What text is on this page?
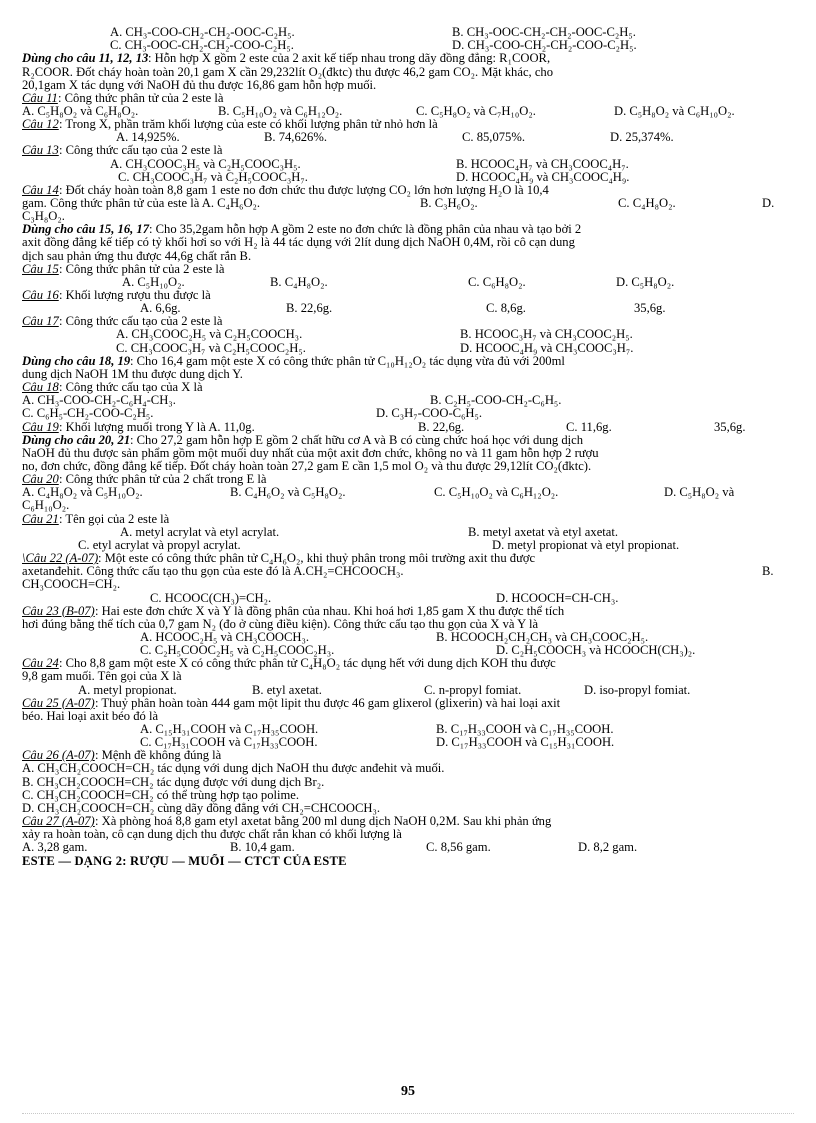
A. CH₃-COO-CH₂-CH₂-OOC-C₂H₅.	B. CH₃-OOC-CH₂-CH₂-OOC-C₂H₅.
C. CH₃-OOC-CH₂-CH₂-COO-C₂H₅.	D. CH₃-COO-CH₂-CH₂-COO-C₂H₅.
Dùng cho câu 11, 12, 13 : Hỗn hợp X gồm 2 este của 2 axit kế tiếp nhau trong dãy đồng đẳng: R₁COOR,
R₂COOR. Đốt cháy hoàn toàn 20,1 gam X cần 29,232lít O₂(đktc) thu được 46,2 gam CO₂. Mặt khác, cho
20,1gam X tác dụng với NaOH đủ thu được 16,86 gam hỗn hợp muối.
Câu 11 : Công thức phân tử của 2 este là
A. C₅H₈O₂ và C₆H₈O₂.	B. C₅H₁₀O₂ và C₆H₁₂O₂.	C. C₅H₈O₂ và C₇H₁₀O₂.	D. C₅H₈O₂ và C₆H₁₀O₂.
Câu 12 : Trong X, phần trăm khối lượng của este có khối lượng phân tử nhỏ hơn là
A. 14,925%.	B. 74,626%.	C. 85,075%.	D. 25,374%.
Câu 13 : Công thức cấu tạo của 2 este là
A. CH₃COOC₃H₅ và C₂H₅COOC₃H₅.	B. HCOOC₄H₇ và CH₃COOC₄H₇.
C. CH₃COOC₃H₇ và C₂H₅COOC₃H₇.	D. HCOOC₄H₉ và CH₃COOC₄H₉.
Câu 14 : Đốt cháy hoàn toàn 8,8 gam 1 este no đơn chức thu được lượng CO₂ lớn hơn lượng H₂O là 10,4
gam. Công thức phân tử của este là A. C₄H₆O₂.	B. C₃H₆O₂.	C. C₄H₈O₂.	D.
C₃H₈O₂.
Dùng cho câu 15, 16, 17 : Cho 35,2gam hỗn hợp A gồm 2 este no đơn chức là đồng phân của nhau và tạo bởi 2
axit đồng đẳng kế tiếp có tỷ khối hơi so với H₂ là 44 tác dụng với 2lít dung dịch NaOH 0,4M, rồi cô cạn dung
dịch sau phản ứng thu được 44,6g chất rắn B.
Câu 15 : Công thức phân tử của 2 este là
A. C₅H₁₀O₂.	B. C₄H₈O₂.	C. C₆H₈O₂.	D. C₅H₈O₂.
Câu 16 : Khối lượng rượu thu được là
A. 6,6g.	B. 22,6g.	C. 8,6g.	35,6g.
Câu 17 : Công thức cấu tạo của 2 este là
A. CH₃COOC₂H₅ và C₂H₅COOCH₃.	B. HCOOC₃H₇ và CH₃COOC₂H₅.
C. CH₃COOC₃H₇ và C₂H₅COOC₂H₅.	D. HCOOC₄H₉ và CH₃COOC₃H₇.
Dùng cho câu 18, 19 : Cho 16,4 gam một este X có công thức phân tử C₁₀H₁₂O₂ tác dụng vừa đủ với 200ml
dung dịch NaOH 1M thu được dung dịch Y.
Câu 18 : Công thức cấu tạo của X là
A. CH₃-COO-CH₂-C₆H₄-CH₃.	B. C₂H₅-COO-CH₂-C₆H₅.
C. C₆H₅-CH₂-COO-C₂H₅.	D. C₃H₇-COO-C₆H₅.
Câu 19 : Khối lượng muối trong Y là A. 11,0g.	B. 22,6g.	C. 11,6g.	35,6g.
Dùng cho câu 20, 21 : Cho 27,2 gam hỗn hợp E gồm 2 chất hữu cơ A và B có cùng chức hoá học với dung dịch
NaOH đủ thu được sản phẩm gồm một muối duy nhất của một axit đơn chức, không no và 11 gam hỗn hợp 2 rượu
no, đơn chức, đồng đẳng kế tiếp. Đốt cháy hoàn toàn 27,2 gam E cần 1,5 mol O₂ và thu được 29,12lít CO₂(đktc).
Câu 20 : Công thức phân tử của 2 chất trong E là
A. C₄H₈O₂ và C₅H₁₀O₂.	B. C₄H₆O₂ và C₅H₈O₂.	C. C₅H₁₀O₂ và C₆H₁₂O₂.	D. C₅H₈O₂ và
C₆H₁₀O₂.
Câu 21 : Tên gọi của 2 este là
A. metyl acrylat và etyl acrylat.	B. metyl axetat và etyl axetat.
C. etyl acrylat và propyl acrylat.	D. metyl propionat và etyl propionat.
\Câu 22 (A-07) : Một este có công thức phân tử C₄H₆O₂, khi thuỷ phân trong môi trường axit thu được
axetanđehit. Công thức cấu tạo thu gọn của este đó là A.CH₂=CHCOOCH₃.	B.
CH₃COOCH=CH₂.
C. HCOOC(CH₃)=CH₂.	D. HCOOCH=CH-CH₃.
Câu 23 (B-07) : Hai este đơn chức X và Y là đồng phân của nhau. Khi hoá hơi 1,85 gam X thu được thể tích
hơi đúng bằng thể tích của 0,7 gam N₂ (đo ở cùng điều kiện). Công thức cấu tạo thu gọn của X và Y là
A. HCOOC₂H₅ và CH₃COOCH₃.	B. HCOOCH₂CH₂CH₃ và CH₃COOC₂H₅.
C. C₂H₅COOC₂H₅ và C₂H₅COOC₂H₃.	D. C₂H₅COOCH₃ và HCOOCH(CH₃)₂.
Câu 24 : Cho 8,8 gam một este X có công thức phân tử C₄H₈O₂ tác dụng hết với dung dịch KOH thu được
9,8 gam muối. Tên gọi của X là
A. metyl propionat.	B. etyl axetat.	C. n-propyl fomiat.	D. iso-propyl fomiat.
Câu 25 (A-07) : Thuỷ phân hoàn toàn 444 gam một lipit thu được 46 gam glixerol (glixerin) và hai loại axit
béo. Hai loại axit béo đó là
A. C₁₅H₃₁COOH và C₁₇H₃₅COOH.	B. C₁₇H₃₃COOH và C₁₇H₃₅COOH.
C. C₁₇H₃₁COOH và C₁₇H₃₃COOH.	D. C₁₇H₃₃COOH và C₁₅H₃₁COOH.
Câu 26 (A-07) : Mệnh đề không đúng là
A. CH₃CH₂COOCH=CH₂ tác dụng với dung dịch NaOH thu được anđehit và muối.
B. CH₃CH₂COOCH=CH₂ tác dụng được với dung dịch Br₂.
C. CH₃CH₂COOCH=CH₂ có thể trùng hợp tạo polime.
D. CH₃CH₂COOCH=CH₂ cùng dãy đồng đẳng với CH₂=CHCOOCH₃.
Câu 27 (A-07) : Xà phòng hoá 8,8 gam etyl axetat bằng 200 ml dung dịch NaOH 0,2M. Sau khi phản ứng
xảy ra hoàn toàn, cô cạn dung dịch thu được chất rắn khan có khối lượng là
A. 3,28 gam.	B. 10,4 gam.	C. 8,56 gam.	D. 8,2 gam.
ESTE — DẠNG 2: RƯỢU — MUỐI — CTCT CỦA ESTE
95
